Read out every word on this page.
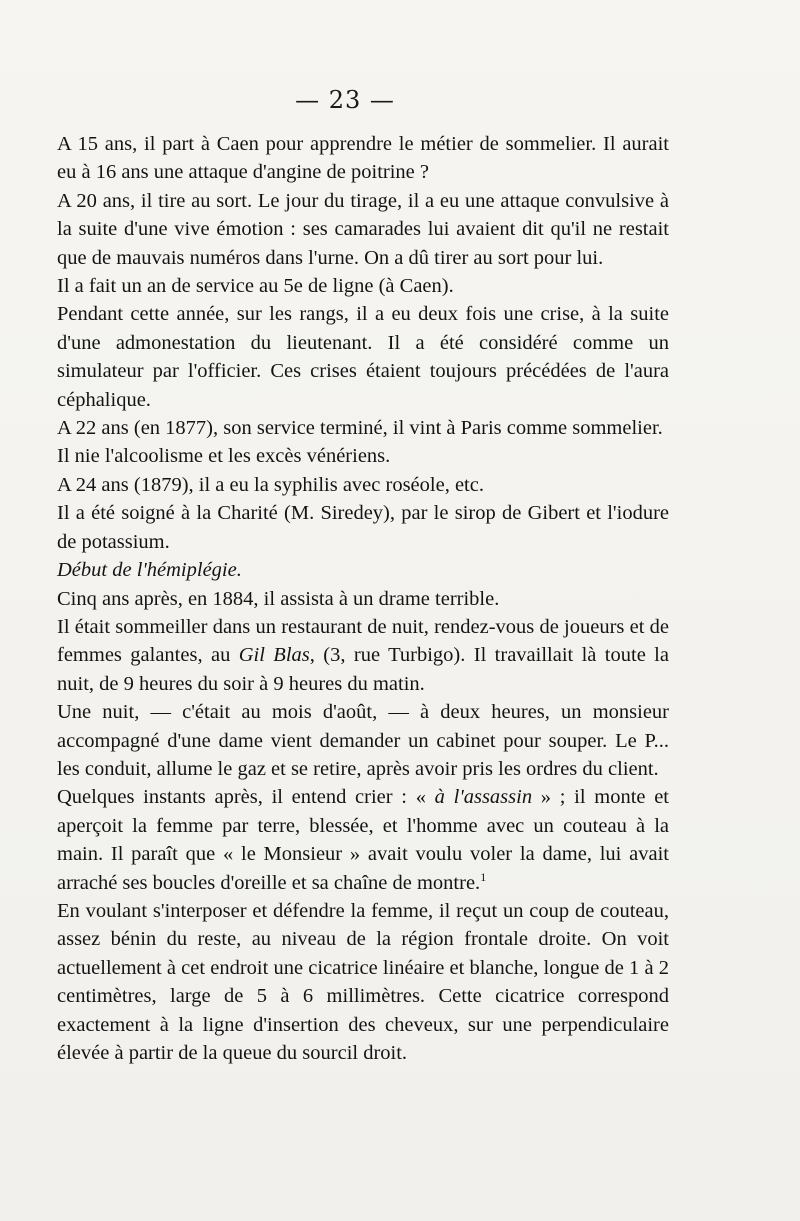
— 23 —

A 15 ans, il part à Caen pour apprendre le métier de sommelier. Il aurait eu à 16 ans une attaque d'angine de poitrine ?

A 20 ans, il tire au sort. Le jour du tirage, il a eu une attaque convulsive à la suite d'une vive émotion : ses camarades lui avaient dit qu'il ne restait que de mauvais numéros dans l'urne. On a dû tirer au sort pour lui.

Il a fait un an de service au 5e de ligne (à Caen).

Pendant cette année, sur les rangs, il a eu deux fois une crise, à la suite d'une admonestation du lieutenant. Il a été considéré comme un simulateur par l'officier. Ces crises étaient toujours précédées de l'aura céphalique.

A 22 ans (en 1877), son service terminé, il vint à Paris comme sommelier.

Il nie l'alcoolisme et les excès vénériens.

A 24 ans (1879), il a eu la syphilis avec roséole, etc.

Il a été soigné à la Charité (M. Siredey), par le sirop de Gibert et l'iodure de potassium.

Début de l'hémiplégie.

Cinq ans après, en 1884, il assista à un drame terrible.

Il était sommeiller dans un restaurant de nuit, rendez-vous de joueurs et de femmes galantes, au Gil Blas, (3, rue Turbigo). Il travaillait là toute la nuit, de 9 heures du soir à 9 heures du matin.

Une nuit, — c'était au mois d'août, — à deux heures, un monsieur accompagné d'une dame vient demander un cabinet pour souper. Le P... les conduit, allume le gaz et se retire, après avoir pris les ordres du client.

Quelques instants après, il entend crier : « à l'assassin » ; il monte et aperçoit la femme par terre, blessée, et l'homme avec un couteau à la main. Il paraît que « le Monsieur » avait voulu voler la dame, lui avait arraché ses boucles d'oreille et sa chaîne de montre.$^1$

En voulant s'interposer et défendre la femme, il reçut un coup de couteau, assez bénin du reste, au niveau de la région frontale droite. On voit actuellement à cet endroit une cicatrice linéaire et blanche, longue de 1 à 2 centimètres, large de 5 à 6 millimètres. Cette cicatrice correspond exactement à la ligne d'insertion des cheveux, sur une perpendiculaire élevée à partir de la queue du sourcil droit.
